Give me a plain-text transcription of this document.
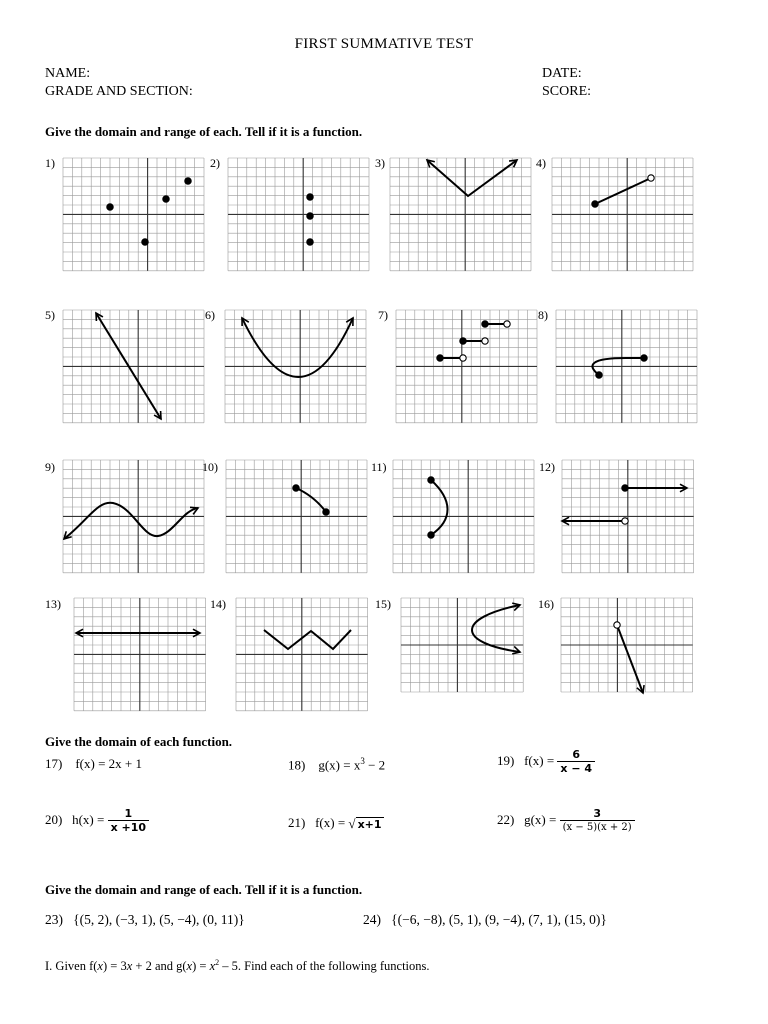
FIRST SUMMATIVE TEST
NAME:	DATE:
GRADE AND SECTION:	SCORE:
Give the domain and range of each. Tell if it is a function.
1)	2)	3)	4)
5)	6)	7)	8)
9)	10)	11)	12)
13)	14)	15)	16)
Give the domain of each function.
17) f(x) = 2x + 1	18) $g(x) = x^3 - 2$	19) $f(x) = \frac{6}{x - 4}$
20) $h(x) = \frac{1}{x +10}$	21) f(x) = √ x+1	22) $g(x) = \frac{3}{(x - 5)(x + 2)}$
Give the domain and range of each. Tell if it is a function.
23) {(5, 2), (−3, 1), (5, −4), (0, 11)}	24) {(−6, −8), (5, 1), (9, −4), (7, 1), (15, 0)}
I. Given f(x) = 3x + 2 and $g(x) = x^2 - 5$. Find each of the following functions.
